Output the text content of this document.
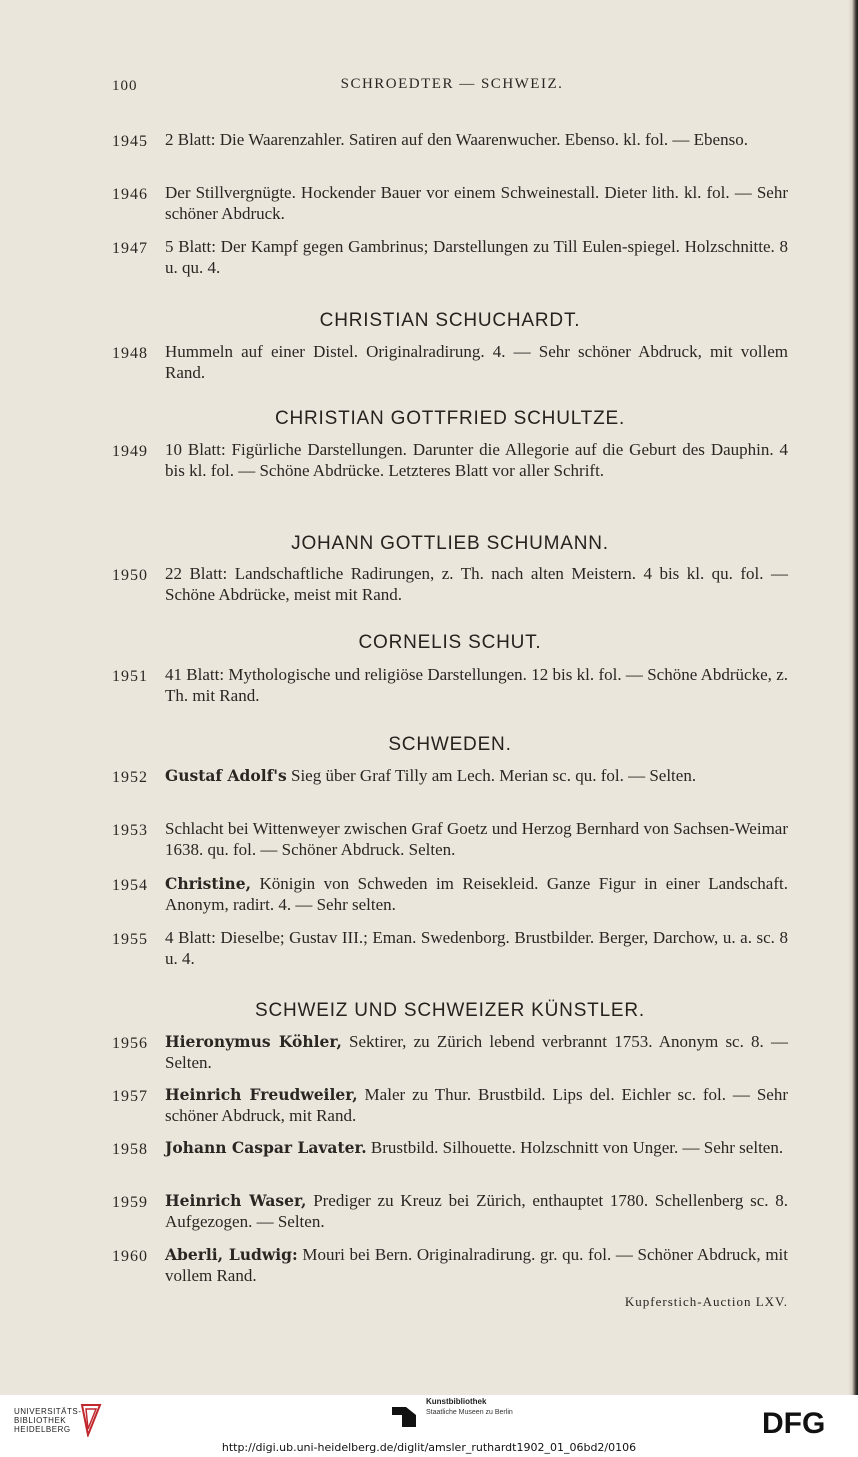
100	SCHROEDTER — SCHWEIZ.
1945	2 Blatt: Die Waarenzahler. Satiren auf den Waarenwucher. Ebenso. kl. fol. — Ebenso.
1946	Der Stillvergnügte. Hockender Bauer vor einem Schweinestall. Dieter lith. kl. fol. — Sehr schöner Abdruck.
1947	5 Blatt: Der Kampf gegen Gambrinus; Darstellungen zu Till Eulen-spiegel. Holzschnitte. 8 u. qu. 4.
CHRISTIAN SCHUCHARDT.
1948	Hummeln auf einer Distel. Originalradirung. 4. — Sehr schöner Abdruck, mit vollem Rand.
CHRISTIAN GOTTFRIED SCHULTZE.
1949	10 Blatt: Figürliche Darstellungen. Darunter die Allegorie auf die Geburt des Dauphin. 4 bis kl. fol. — Schöne Abdrücke. Letzteres Blatt vor aller Schrift.
JOHANN GOTTLIEB SCHUMANN.
1950	22 Blatt: Landschaftliche Radirungen, z. Th. nach alten Meistern. 4 bis kl. qu. fol. — Schöne Abdrücke, meist mit Rand.
CORNELIS SCHUT.
1951	41 Blatt: Mythologische und religiöse Darstellungen. 12 bis kl. fol. — Schöne Abdrücke, z. Th. mit Rand.
SCHWEDEN.
1952	Gustaf Adolf's Sieg über Graf Tilly am Lech. Merian sc. qu. fol. — Selten.
1953	Schlacht bei Wittenweyer zwischen Graf Goetz und Herzog Bernhard von Sachsen-Weimar 1638. qu. fol. — Schöner Abdruck. Selten.
1954	Christine, Königin von Schweden im Reisekleid. Ganze Figur in einer Landschaft. Anonym, radirt. 4. — Sehr selten.
1955	4 Blatt: Dieselbe; Gustav III.; Eman. Swedenborg. Brustbilder. Berger, Darchow, u. a. sc. 8 u. 4.
SCHWEIZ UND SCHWEIZER KÜNSTLER.
1956	Hieronymus Köhler, Sektirer, zu Zürich lebend verbrannt 1753. Anonym sc. 8. — Selten.
1957	Heinrich Freudweiler, Maler zu Thur. Brustbild. Lips del. Eichler sc. fol. — Sehr schöner Abdruck, mit Rand.
1958	Johann Caspar Lavater. Brustbild. Silhouette. Holzschnitt von Unger. — Sehr selten.
1959	Heinrich Waser, Prediger zu Kreuz bei Zürich, enthauptet 1780. Schellenberg sc. 8. Aufgezogen. — Selten.
1960	Aberli, Ludwig: Mouri bei Bern. Originalradirung. gr. qu. fol. — Schöner Abdruck, mit vollem Rand.
Kupferstich-Auction LXV.
UNIVERSITÄTS-
BIBLIOTHEK
HEIDELBERG
Kunstbibliothek
Staatliche Museen zu Berlin	DFG
http://digi.ub.uni-heidelberg.de/diglit/amsler_ruthardt1902_01_06bd2/0106
